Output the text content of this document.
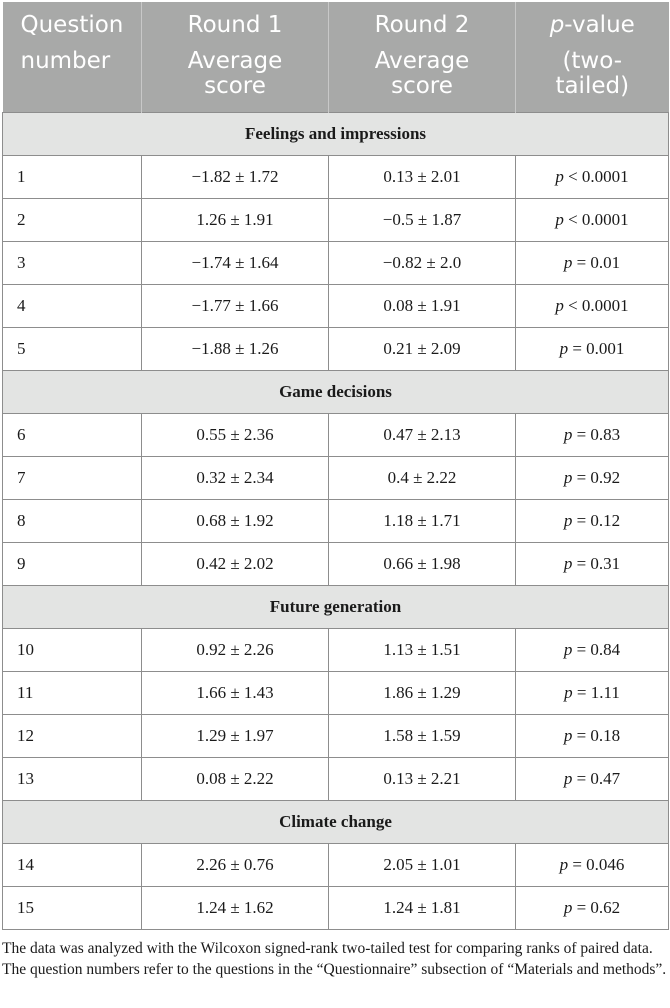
Question	Round 1	Round 2	p-value

number	Average score	Average score	(two-tailed)

Feelings and impressions			
1	−1.82 ± 1.72	0.13 ± 2.01	p < 0.0001
2	1.26 ± 1.91	−0.5 ± 1.87	p < 0.0001
3	−1.74 ± 1.64	−0.82 ± 2.0	p = 0.01
4	−1.77 ± 1.66	0.08 ± 1.91	p < 0.0001
5	−1.88 ± 1.26	0.21 ± 2.09	p = 0.001
Game decisions			
6	0.55 ± 2.36	0.47 ± 2.13	p = 0.83
7	0.32 ± 2.34	0.4 ± 2.22	p = 0.92
8	0.68 ± 1.92	1.18 ± 1.71	p = 0.12
9	0.42 ± 2.02	0.66 ± 1.98	p = 0.31
Future generation			
10	0.92 ± 2.26	1.13 ± 1.51	p = 0.84
11	1.66 ± 1.43	1.86 ± 1.29	p = 1.11
12	1.29 ± 1.97	1.58 ± 1.59	p = 0.18
13	0.08 ± 2.22	0.13 ± 2.21	p = 0.47
Climate change			
14	2.26 ± 0.76	2.05 ± 1.01	p = 0.046
15	1.24 ± 1.62	1.24 ± 1.81	p = 0.62
The data was analyzed with the Wilcoxon signed-rank two-tailed test for comparing ranks of paired data. The question numbers refer to the questions in the “Questionnaire” subsection of “Materials and methods”.
